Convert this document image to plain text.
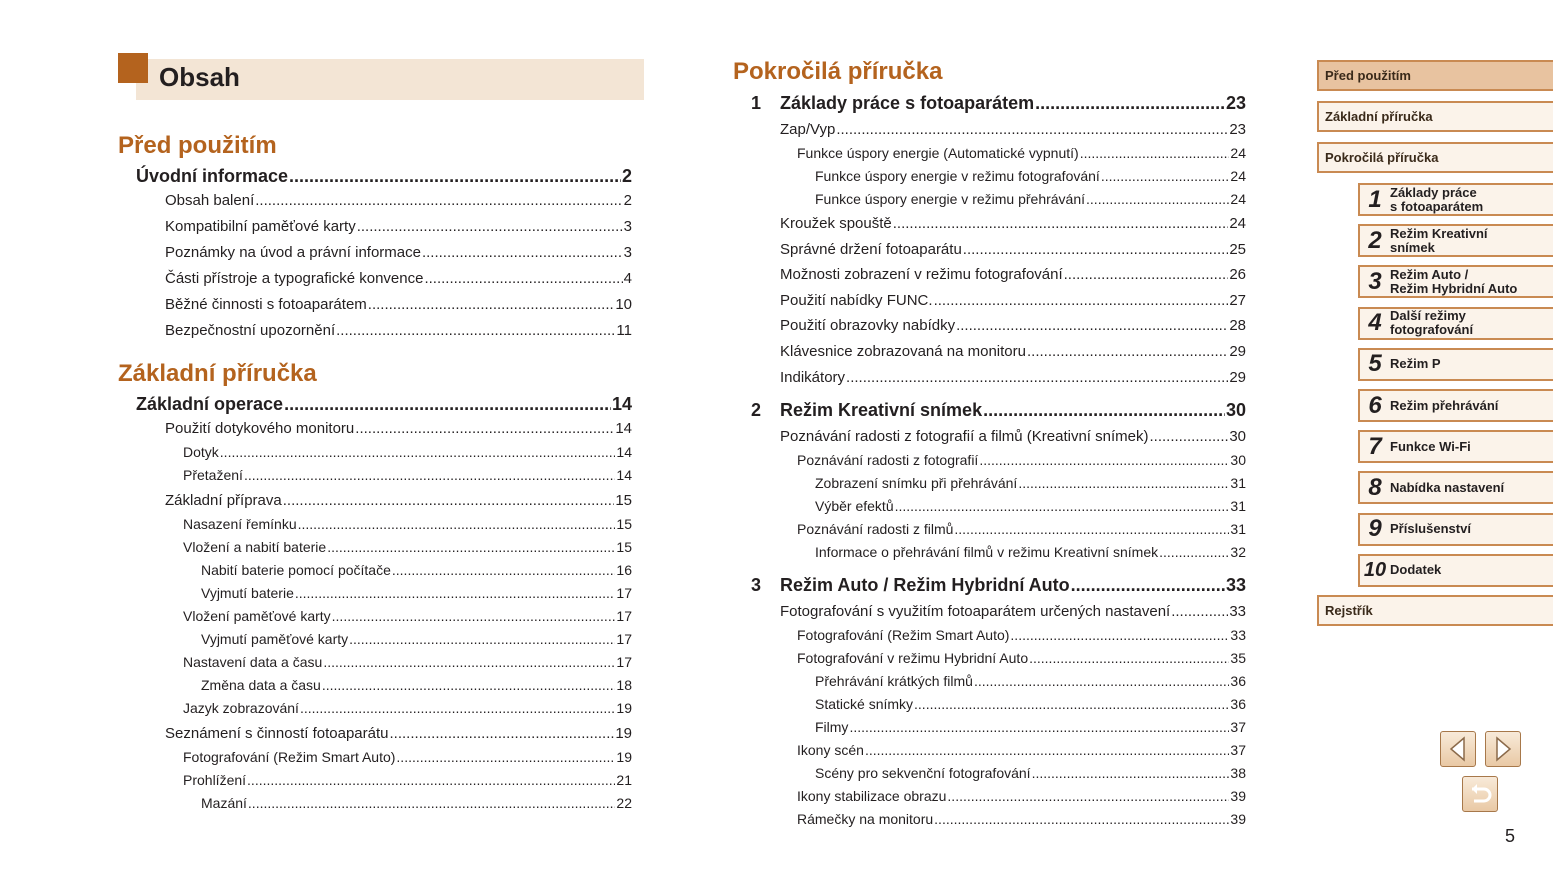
Obsah
Před použitím
Úvodní informace .....	2
Obsah balení .....	2
Kompatibilní paměťové karty .....	3
Poznámky na úvod a právní informace .....	3
Části přístroje a typografické konvence .....	4
Běžné činnosti s fotoaparátem .....	10
Bezpečnostní upozornění .....	11
Základní příručka
Základní operace .....	14
Použití dotykového monitoru .....	14
Dotyk .....	14
Přetažení .....	14
Základní příprava .....	15
Nasazení řemínku .....	15
Vložení a nabití baterie .....	15
Nabití baterie pomocí počítače .....	16
Vyjmutí baterie .....	17
Vložení paměťové karty .....	17
Vyjmutí paměťové karty .....	17
Nastavení data a času .....	17
Změna data a času .....	18
Jazyk zobrazování .....	19
Seznámení s činností fotoaparátu .....	19
Fotografování (Režim Smart Auto) .....	19
Prohlížení .....	21
Mazání .....	22
Pokročilá příručka
1 Základy práce s fotoaparátem .....	23
Zap/Vyp .....	23
Funkce úspory energie (Automatické vypnutí) .....	24
Funkce úspory energie v režimu fotografování .....	24
Funkce úspory energie v režimu přehrávání .....	24
Kroužek spouště .....	24
Správné držení fotoaparátu .....	25
Možnosti zobrazení v režimu fotografování .....	26
Použití nabídky FUNC. .....	27
Použití obrazovky nabídky .....	28
Klávesnice zobrazovaná na monitoru .....	29
Indikátory .....	29
2 Režim Kreativní snímek .....	30
Poznávání radosti z fotografií a filmů (Kreativní snímek) .....	30
Poznávání radosti z fotografií .....	30
Zobrazení snímku při přehrávání .....	31
Výběr efektů .....	31
Poznávání radosti z filmů .....	31
Informace o přehrávání filmů v režimu Kreativní snímek .....	32
3 Režim Auto / Režim Hybridní Auto .....	33
Fotografování s využitím fotoaparátem určených nastavení .....	33
Fotografování (Režim Smart Auto) .....	33
Fotografování v režimu Hybridní Auto .....	35
Přehrávání krátkých filmů .....	36
Statické snímky .....	36
Filmy .....	37
Ikony scén .....	37
Scény pro sekvenční fotografování .....	38
Ikony stabilizace obrazu .....	39
Rámečky na monitoru .....	39
Před použitím
Základní příručka
Pokročilá příručka
1 Základy práce
s fotoaparátem
2 Režim Kreativní
snímek
3 Režim Auto /
Režim Hybridní Auto
4 Další režimy
fotografování
5 Režim P
6 Režim přehrávání
7 Funkce Wi-Fi
8 Nabídka nastavení
9 Příslušenství
10 Dodatek
Rejstřík
5
